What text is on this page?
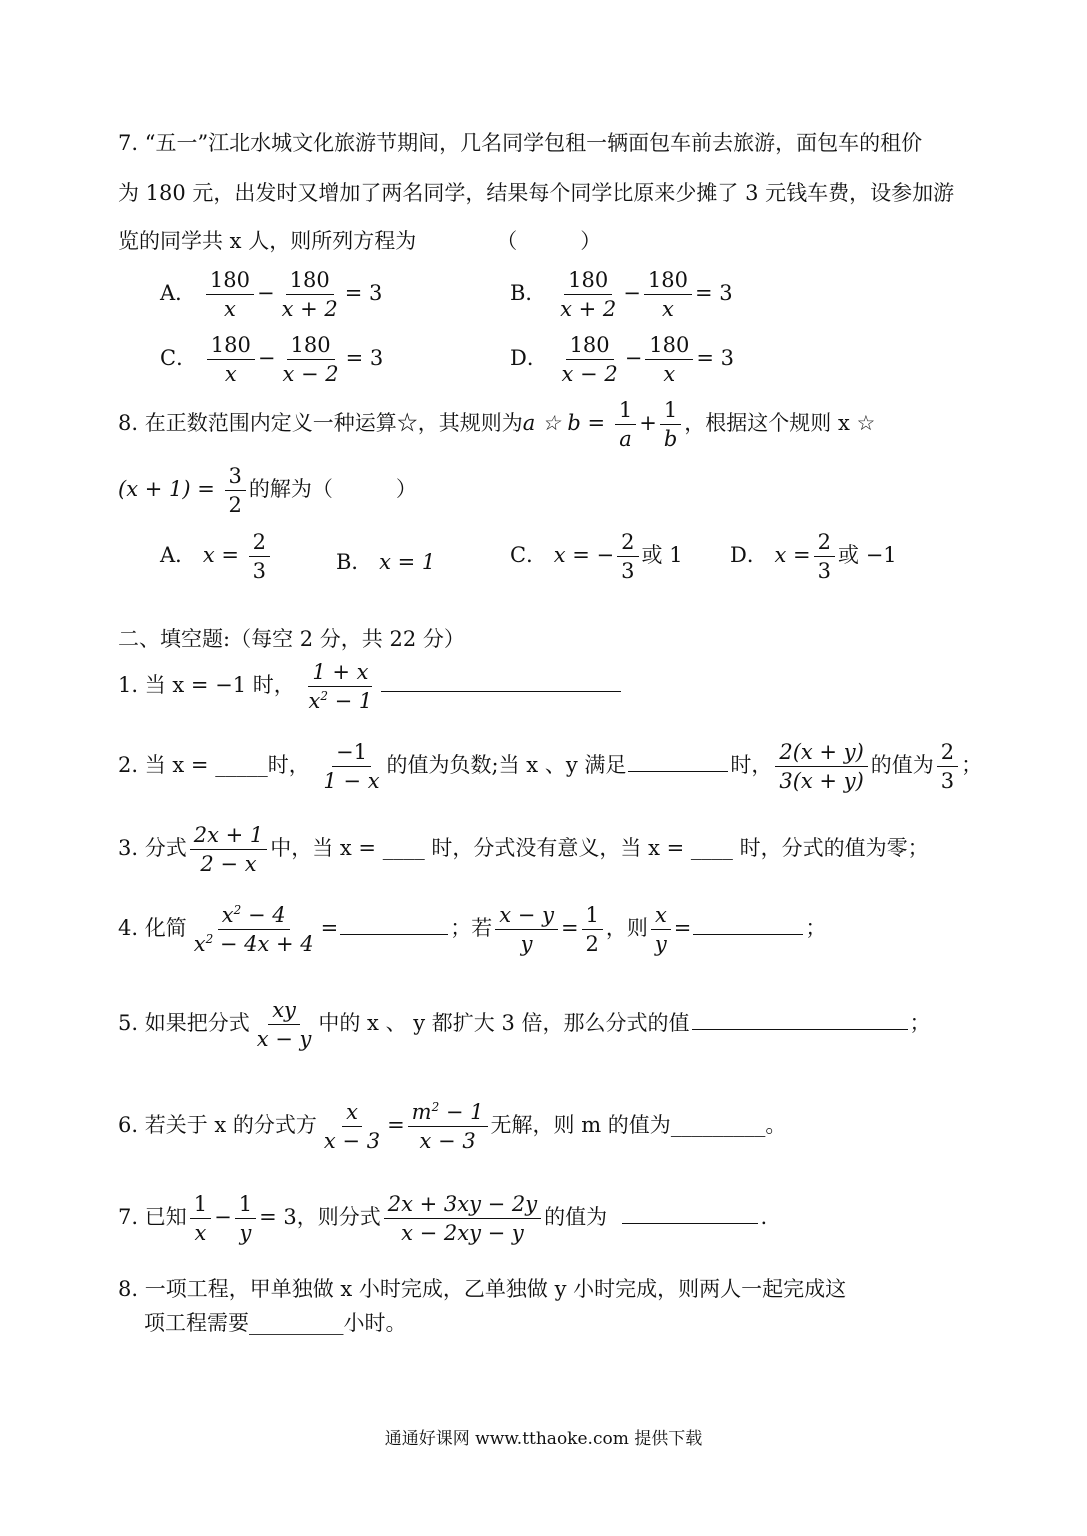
7. “五一”江北水城文化旅游节期间，几名同学包租一辆面包车前去旅游，面包车的租价
为 180 元，出发时又增加了两名同学，结果每个同学比原来少摊了 3 元钱车费，设参加游
览的同学共 x 人，则所列方程为	（　　　）
A． $\frac{180}{x} - \frac{180}{x + 2} = 3$	B． $\frac{180}{x + 2} - \frac{180}{x} = 3$
C． $\frac{180}{x} - \frac{180}{x - 2} = 3$	D． $\frac{180}{x - 2} - \frac{180}{x} = 3$
8. 在正数范围内定义一种运算☆，其规则为a ☆ $b = \frac{1}{a} + \frac{1}{b}$ ，根据这个规则 x ☆
$(x + 1) = \frac{3}{2}$ 的解为（　　　）
A． $x = \frac{2}{3}$	B． x = 1	C． x = − $\frac{2}{3}$ 或 1 D． $x = \frac{2}{3}$ 或 −1
二、填空题:（每空 2 分，共 22 分）
1. 当 x = −1 时， $\frac{1 + x}{x^2 - 1}$
2. 当 x = _____时， $\frac{-1}{1 - x}$ 的值为负数;当 x 、y 满足	时， $\frac{2(x + y)}{3(x + y)}$ 的值为 $\frac{2}{3}$ ；
3. 分式 $\frac{2x + 1}{2 - x}$ 中，当 x = ____ 时，分式没有意义，当 x = ____ 时，分式的值为零；
4. 化简 $\frac{x^2 - 4}{x^2 - 4x + 4}$ =	；若 $\frac{x - y}{y} = \frac{1}{2}$ ，则 $\frac{x}{y}$ =	；
5. 如果把分式 $\frac{xy}{x - y}$ 中的 x 、 y 都扩大 3 倍，那么分式的值	；
6. 若关于 x 的分式方 $\frac{x}{x - 3} = \frac{m^2 - 1}{x - 3}$ 无解，则 m 的值为_________。
7. 已知 $\frac{1}{x} - \frac{1}{y} = 3$，则分式 $\frac{2x + 3xy - 2y}{x - 2xy - y}$ 的值为	.
8. 一项工程，甲单独做 x 小时完成，乙单独做 y 小时完成，则两人一起完成这
项工程需要_________小时。
通通好课网 www.tthaoke.com 提供下载
